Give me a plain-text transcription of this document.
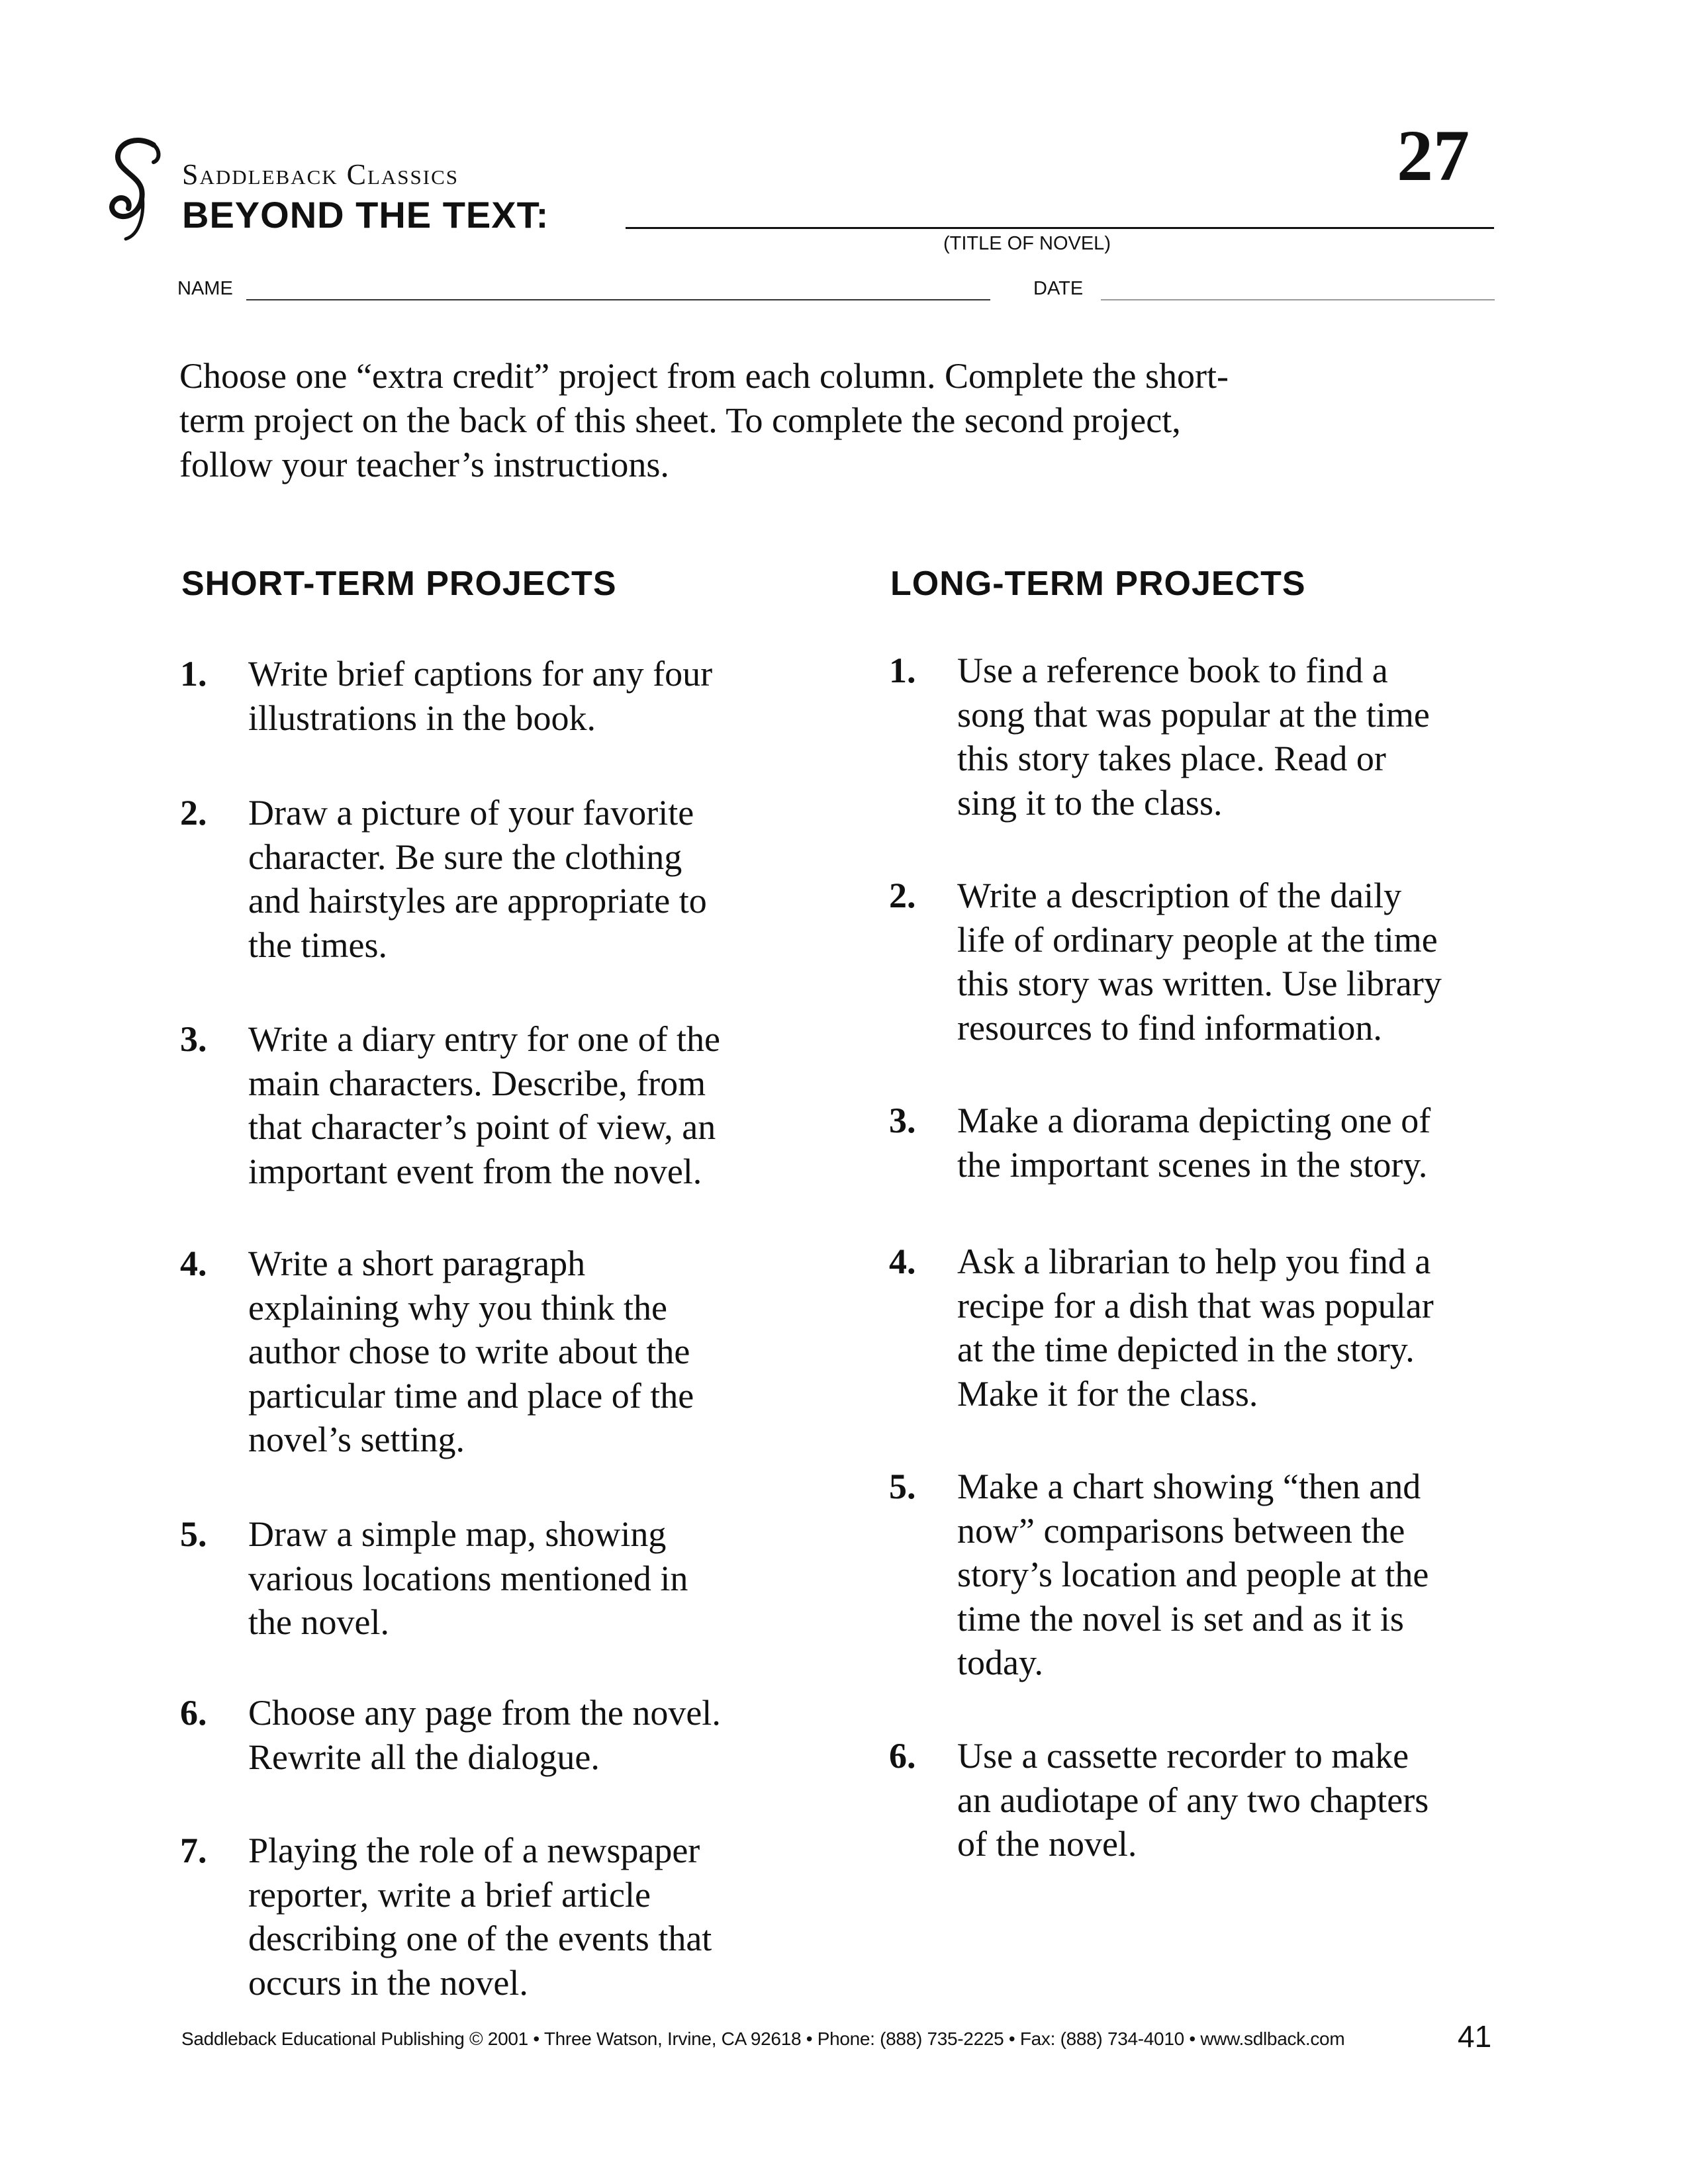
Saddleback Classics
BEYOND THE TEXT:
(TITLE OF NOVEL)
27
NAME	DATE
Choose one “extra credit” project from each column. Complete the short-
term project on the back of this sheet. To complete the second project,
follow your teacher’s instructions.
SHORT-TERM PROJECTS	LONG-TERM PROJECTS
1. Write brief captions for any four
illustrations in the book.
2. Draw a picture of your favorite
character. Be sure the clothing
and hairstyles are appropriate to
the times.
3. Write a diary entry for one of the
main characters. Describe, from
that character’s point of view, an
important event from the novel.
4. Write a short paragraph
explaining why you think the
author chose to write about the
particular time and place of the
novel’s setting.
5. Draw a simple map, showing
various locations mentioned in
the novel.
6. Choose any page from the novel.
Rewrite all the dialogue.
7. Playing the role of a newspaper
reporter, write a brief article
describing one of the events that
occurs in the novel.
1. Use a reference book to find a
song that was popular at the time
this story takes place. Read or
sing it to the class.
2. Write a description of the daily
life of ordinary people at the time
this story was written. Use library
resources to find information.
3. Make a diorama depicting one of
the important scenes in the story.
4. Ask a librarian to help you find a
recipe for a dish that was popular
at the time depicted in the story.
Make it for the class.
5. Make a chart showing “then and
now” comparisons between the
story’s location and people at the
time the novel is set and as it is
today.
6. Use a cassette recorder to make
an audiotape of any two chapters
of the novel.
Saddleback Educational Publishing © 2001 • Three Watson, Irvine, CA 92618 • Phone: (888) 735-2225 • Fax: (888) 734-4010 • www.sdlback.com	41
